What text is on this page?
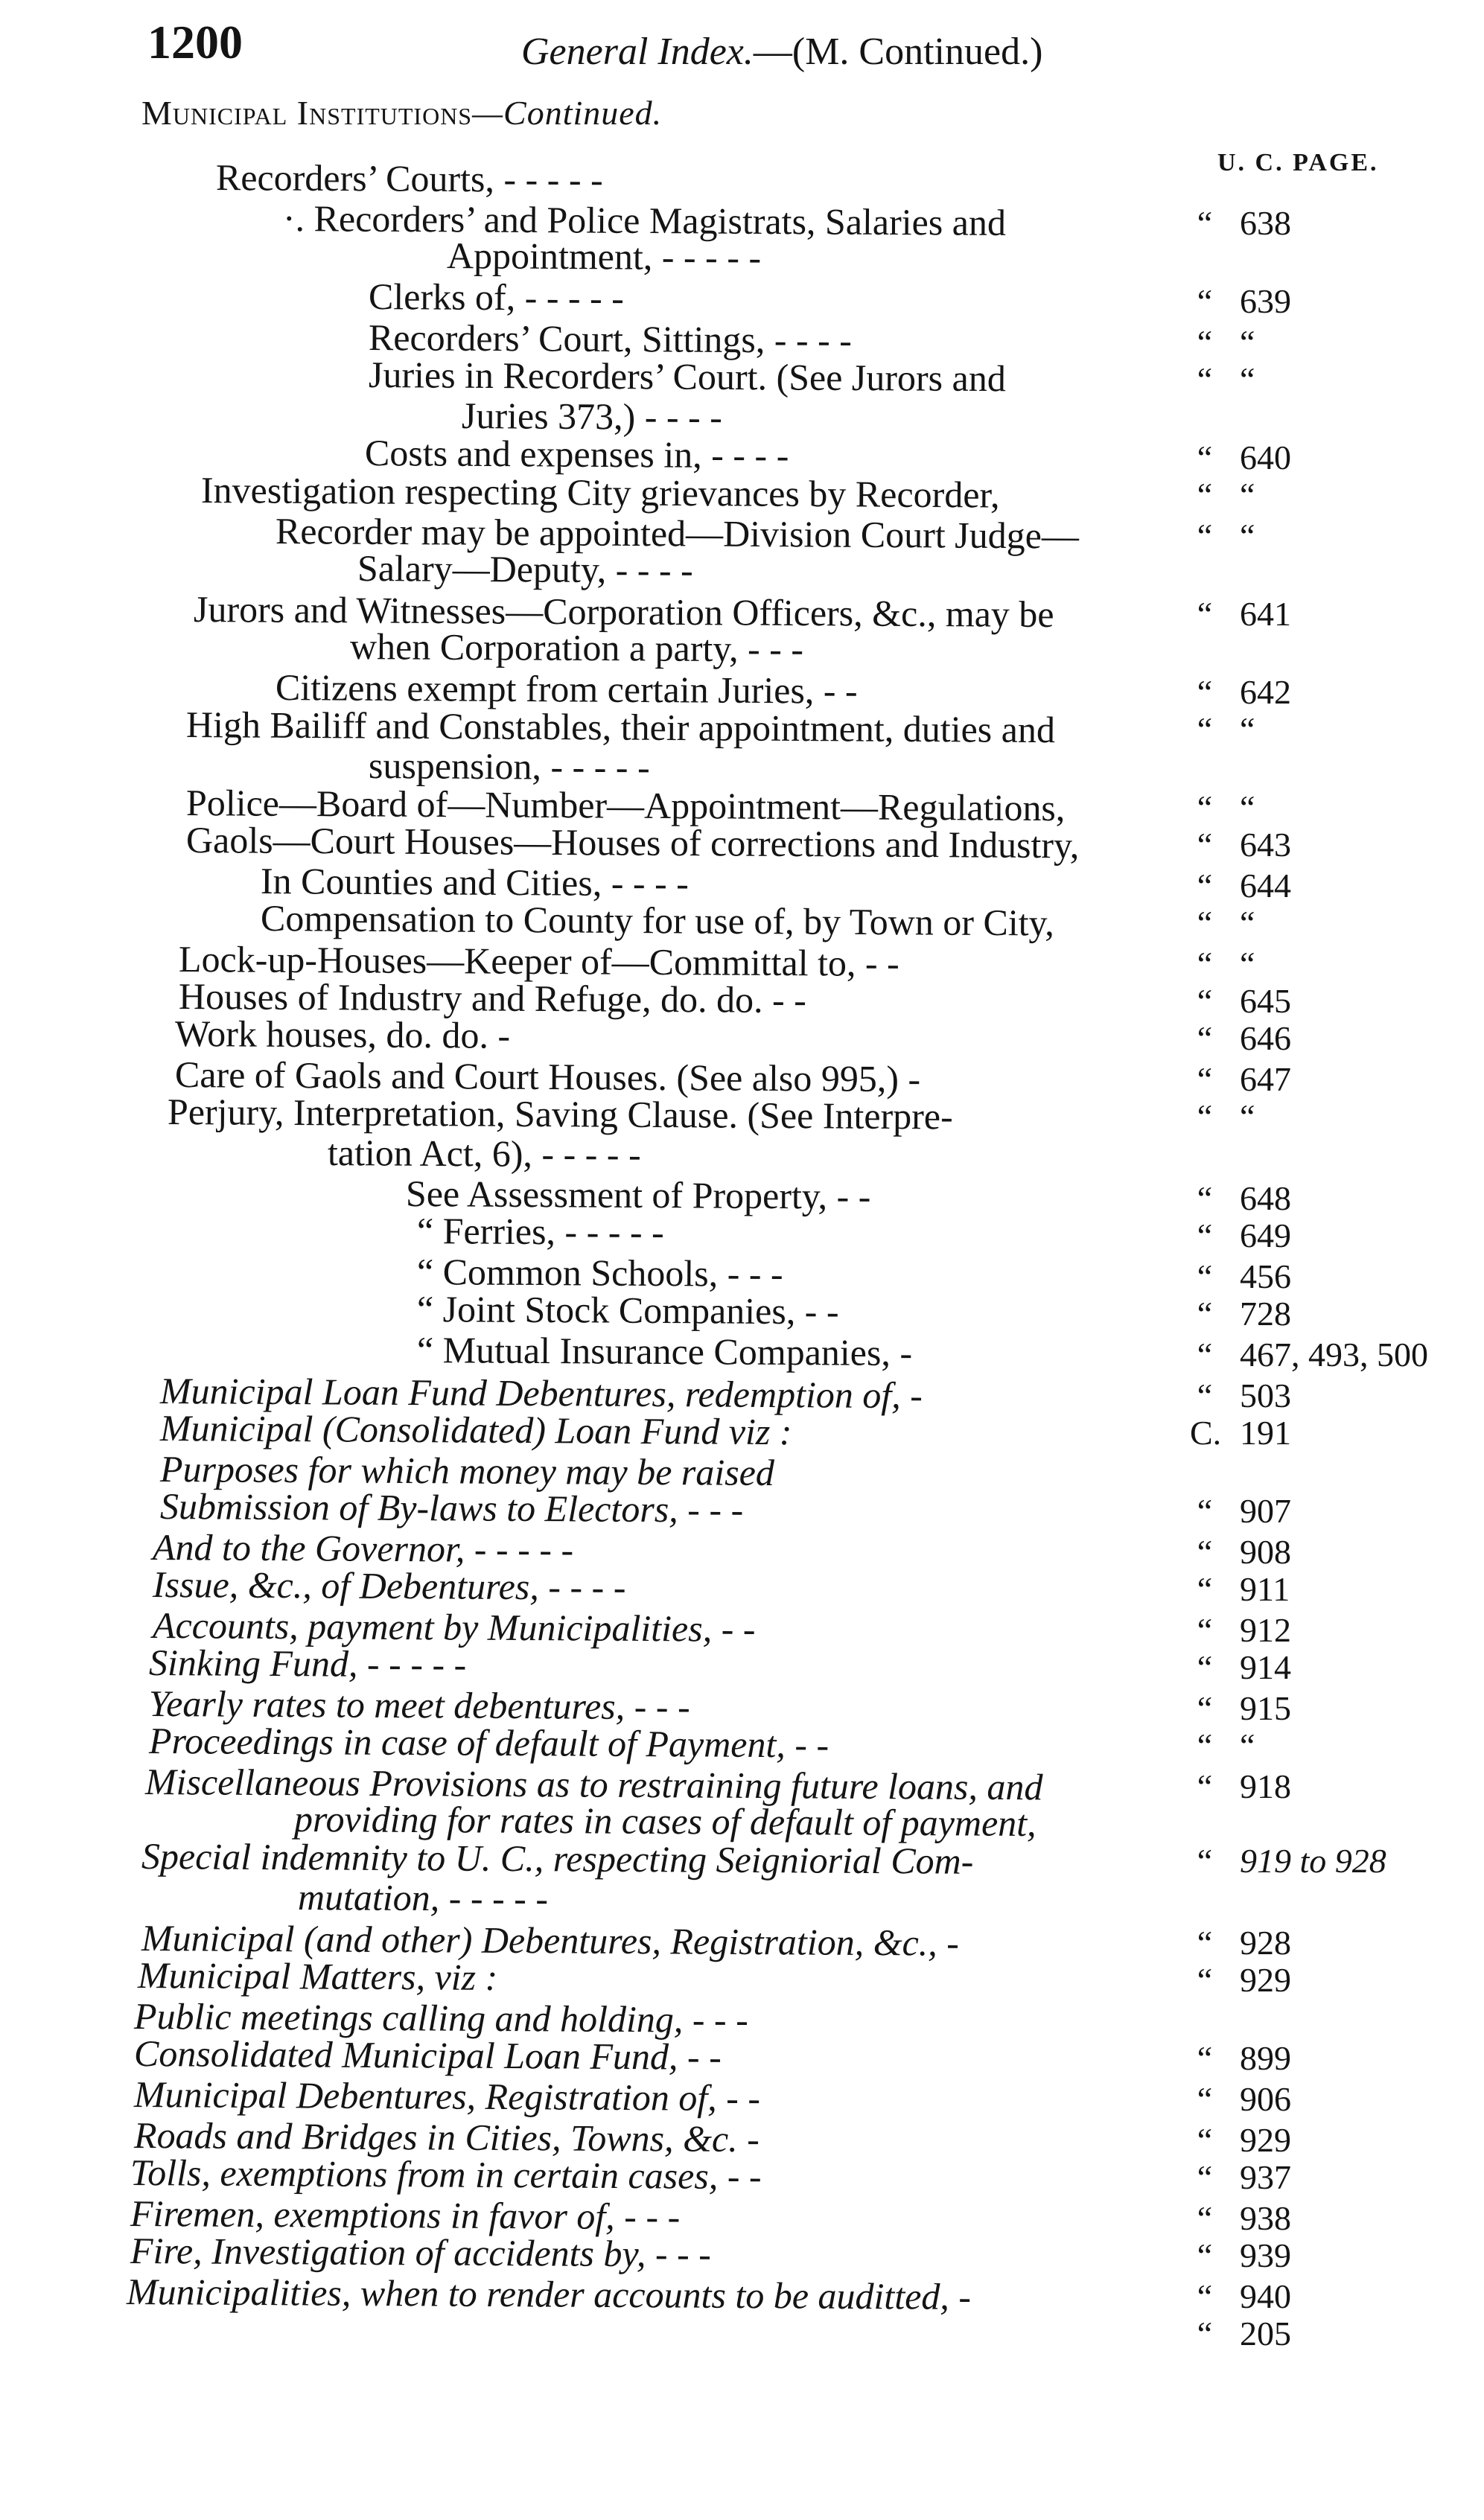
1200	General Index.—(M. Continued.)
Municipal Institutions—Continued.
U. C. PAGE.
Recorders’ Courts, - - - - -
·. Recorders’ and Police Magistrats, Salaries and	“ 638
Appointment, - - - - -
Clerks of, - - - - -	“ 639
Recorders’ Court, Sittings, - - - -	“ “
Juries in Recorders’ Court. (See Jurors and	“ “
Juries 373,) - - - -
Costs and expenses in, - - - -	“ 640
Investigation respecting City grievances by Recorder,	“ “
Recorder may be appointed—Division Court Judge—	“ “
Salary—Deputy, - - - -
Jurors and Witnesses—Corporation Officers, &c., may be	“ 641
when Corporation a party, - - -
Citizens exempt from certain Juries, - -	“ 642
High Bailiff and Constables, their appointment, duties and	“ “
suspension, - - - - -
Police—Board of—Number—Appointment—Regulations,	“ “
Gaols—Court Houses—Houses of corrections and Industry,	“ 643
In Counties and Cities, - - - -	“ 644
Compensation to County for use of, by Town or City,	“ “
Lock-up-Houses—Keeper of—Committal to, - -	“ “
Houses of Industry and Refuge, do. do. - -	“ 645
Work houses, do. do. -	“ 646
Care of Gaols and Court Houses. (See also 995,) -	“ 647
Perjury, Interpretation, Saving Clause. (See Interpre-	“ “
tation Act, 6), - - - - -
See Assessment of Property, - -	“ 648
“ Ferries, - - - - -	“ 649
“ Common Schools, - - -	“ 456
“ Joint Stock Companies, - -	“ 728
“ Mutual Insurance Companies, -	“ 467, 493, 500
Municipal Loan Fund Debentures, redemption of, -	“ 503
Municipal (Consolidated) Loan Fund viz :	C. 191
Purposes for which money may be raised
Submission of By-laws to Electors, - - -	“ 907
And to the Governor, - - - - -	“ 908
Issue, &c., of Debentures, - - - -	“ 911
Accounts, payment by Municipalities, - -	“ 912
Sinking Fund, - - - - -	“ 914
Yearly rates to meet debentures, - - -	“ 915
Proceedings in case of default of Payment, - -	“ “
Miscellaneous Provisions as to restraining future loans, and	“ 918
providing for rates in cases of default of payment,
Special indemnity to U. C., respecting Seigniorial Com-	“ 919 to 928
mutation, - - - - -
Municipal (and other) Debentures, Registration, &c., -	“ 928
Municipal Matters, viz :	“ 929
Public meetings calling and holding, - - -
Consolidated Municipal Loan Fund, - -	“ 899
Municipal Debentures, Registration of, - -	“ 906
Roads and Bridges in Cities, Towns, &c. -	“ 929
Tolls, exemptions from in certain cases, - -	“ 937
Firemen, exemptions in favor of, - - -	“ 938
Fire, Investigation of accidents by, - - -	“ 939
Municipalities, when to render accounts to be auditted, -	“ 940
“ 205
